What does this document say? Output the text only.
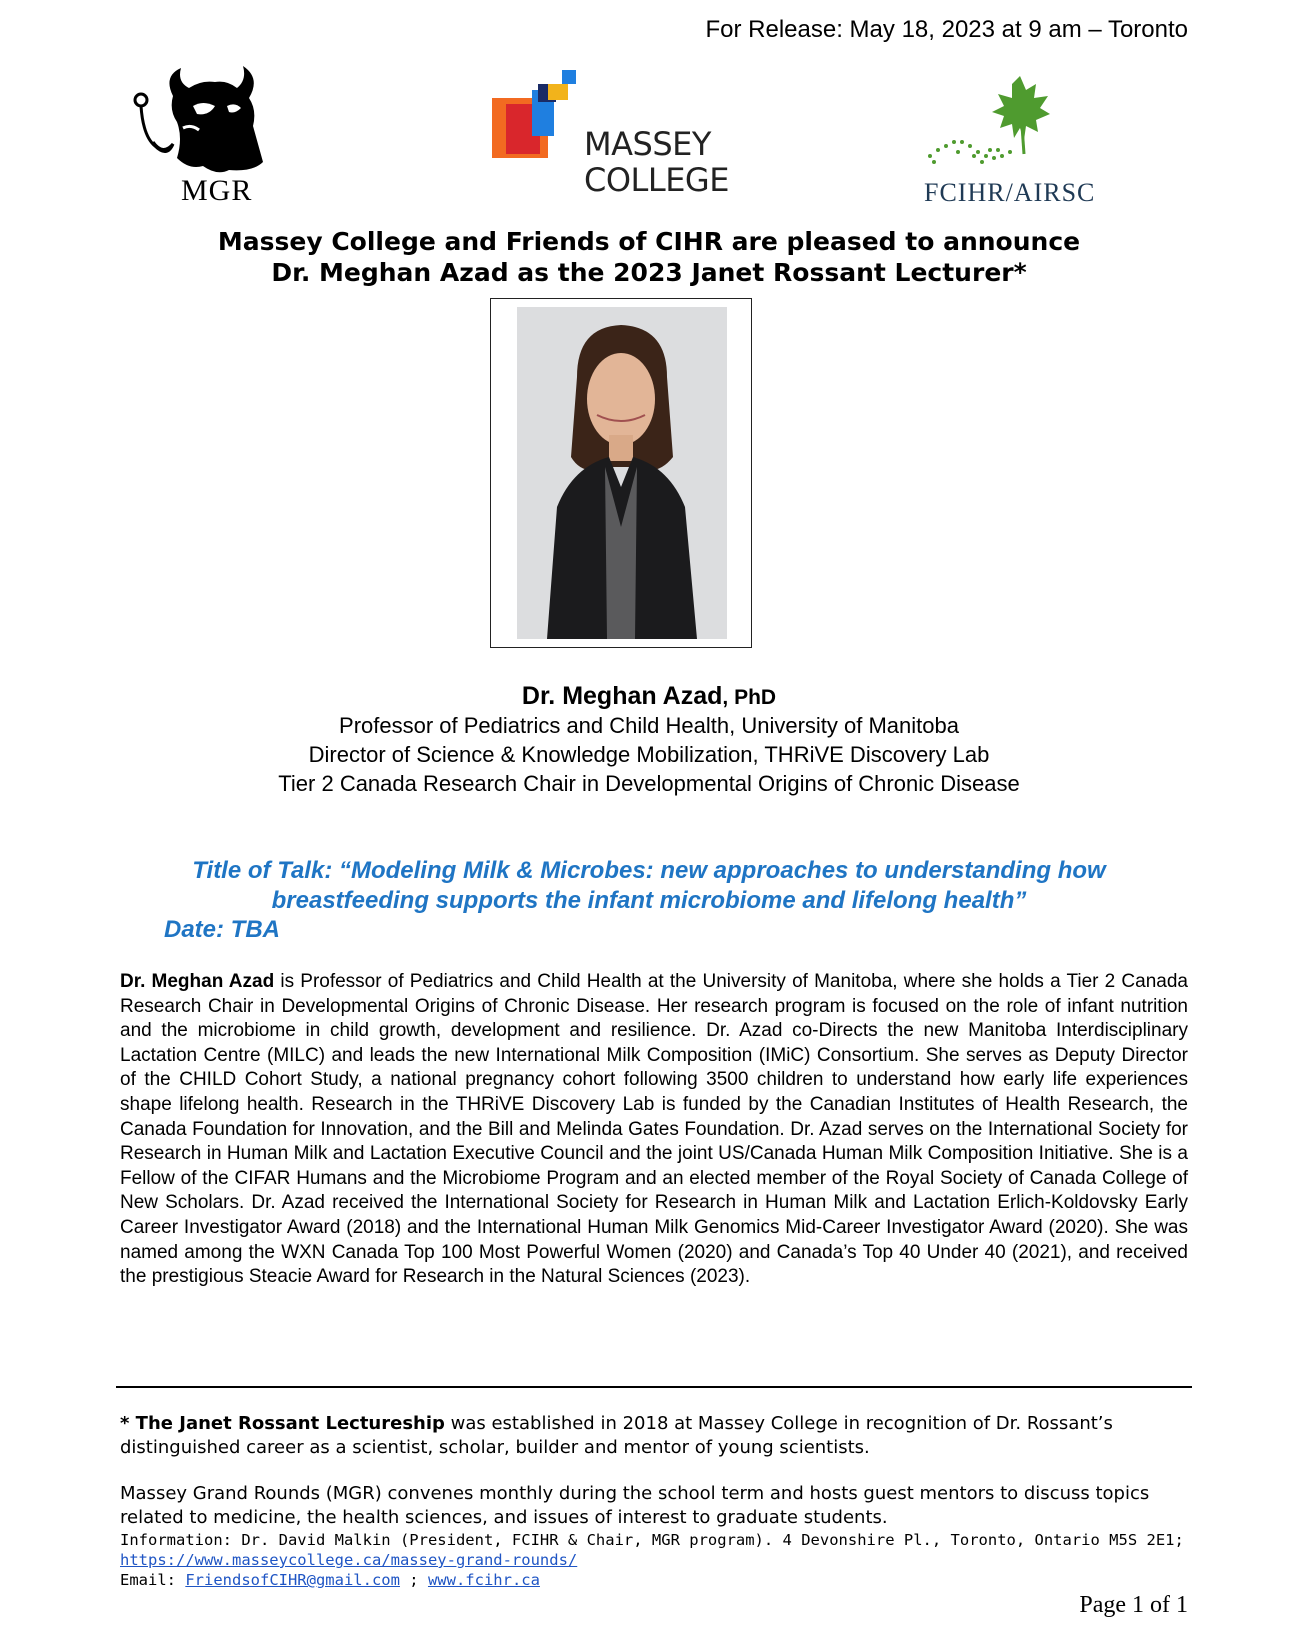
For Release: May 18, 2023 at 9 am – Toronto
MGR
MASSEY
COLLEGE	FCIHR/AIRSC
Massey College and Friends of CIHR are pleased to announce
Dr. Meghan Azad as the 2023 Janet Rossant Lecturer*
Dr. Meghan Azad, PhD
Professor of Pediatrics and Child Health, University of Manitoba
Director of Science & Knowledge Mobilization, THRiVE Discovery Lab
Tier 2 Canada Research Chair in Developmental Origins of Chronic Disease
Title of Talk: “Modeling Milk & Microbes: new approaches to understanding how
breastfeeding supports the infant microbiome and lifelong health”
Date: TBA
Dr. Meghan Azad is Professor of Pediatrics and Child Health at the University of Manitoba, where she holds a Tier 2 Canada Research Chair in Developmental Origins of Chronic Disease. Her research program is focused on the role of infant nutrition and the microbiome in child growth, development and resilience. Dr. Azad co-Directs the new Manitoba Interdisciplinary Lactation Centre (MILC) and leads the new International Milk Composition (IMiC) Consortium. She serves as Deputy Director of the CHILD Cohort Study, a national pregnancy cohort following 3500 children to understand how early life experiences shape lifelong health. Research in the THRiVE Discovery Lab is funded by the Canadian Institutes of Health Research, the Canada Foundation for Innovation, and the Bill and Melinda Gates Foundation. Dr. Azad serves on the International Society for Research in Human Milk and Lactation Executive Council and the joint US/Canada Human Milk Composition Initiative. She is a Fellow of the CIFAR Humans and the Microbiome Program and an elected member of the Royal Society of Canada College of New Scholars. Dr. Azad received the International Society for Research in Human Milk and Lactation Erlich-Koldovsky Early Career Investigator Award (2018) and the International Human Milk Genomics Mid-Career Investigator Award (2020). She was named among the WXN Canada Top 100 Most Powerful Women (2020) and Canada’s Top 40 Under 40 (2021), and received the prestigious Steacie Award for Research in the Natural Sciences (2023).

* The Janet Rossant Lectureship was established in 2018 at Massey College in recognition of Dr. Rossant’s distinguished career as a scientist, scholar, builder and mentor of young scientists.

Massey Grand Rounds (MGR) convenes monthly during the school term and hosts guest mentors to discuss topics related to medicine, the health sciences, and issues of interest to graduate students.

Information: Dr. David Malkin (President, FCIHR & Chair, MGR program). 4 Devonshire Pl., Toronto, Ontario M5S 2E1;
https://www.masseycollege.ca/massey-grand-rounds/
Email: FriendsofCIHR@gmail.com ; www.fcihr.ca
Page 1 of 1
